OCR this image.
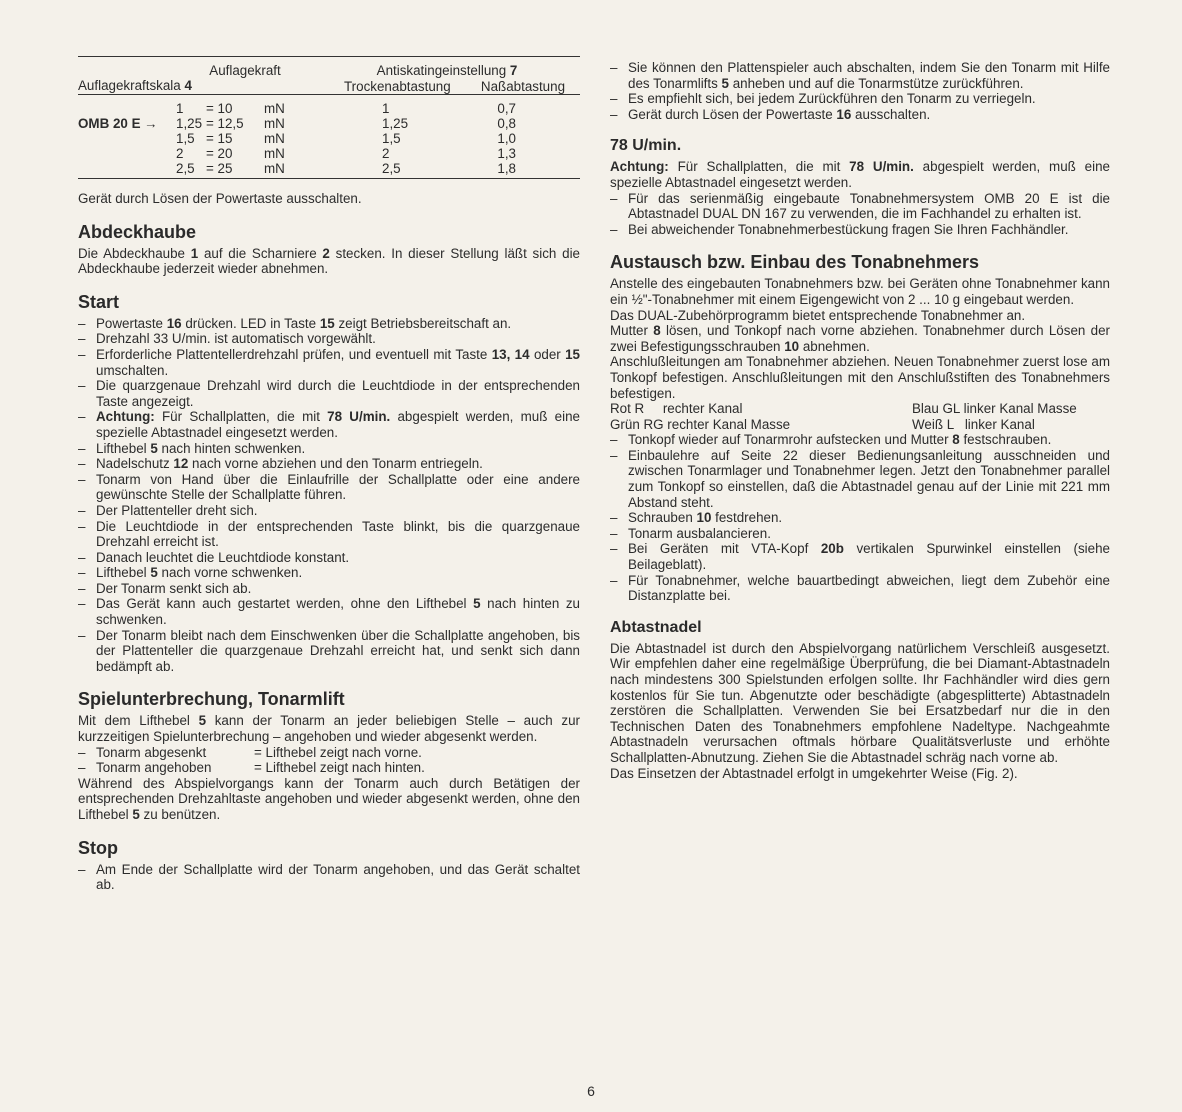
	Auflagekraft			Antiskatingeinstellung 7	
Auflagekraftskala 4				Trockenabtastung	Naßabtastung
	1	= 10	mN	1	0,7
OMB 20 E →	1,25	= 12,5	mN	1,25	0,8
	1,5	= 15	mN	1,5	1,0
	2	= 20	mN	2	1,3
	2,5	= 25	mN	2,5	1,8

Gerät durch Lösen der Powertaste ausschalten.

Abdeckhaube

Die Abdeckhaube 1 auf die Scharniere 2 stecken. In dieser Stellung läßt sich die Abdeckhaube jederzeit wieder abnehmen.

Start
– Powertaste 16 drücken. LED in Taste 15 zeigt Betriebsbereitschaft an.
– Drehzahl 33 U/min. ist automatisch vorgewählt.
– Erforderliche Plattentellerdrehzahl prüfen, und eventuell mit Taste 13, 14 oder 15 umschalten.
– Die quarzgenaue Drehzahl wird durch die Leuchtdiode in der entsprechenden Taste angezeigt.
– Achtung: Für Schallplatten, die mit 78 U/min. abgespielt werden, muß eine spezielle Abtastnadel eingesetzt werden.
– Lifthebel 5 nach hinten schwenken.
– Nadelschutz 12 nach vorne abziehen und den Tonarm entriegeln.
– Tonarm von Hand über die Einlaufrille der Schallplatte oder eine andere gewünschte Stelle der Schallplatte führen.
– Der Plattenteller dreht sich.
– Die Leuchtdiode in der entsprechenden Taste blinkt, bis die quarzgenaue Drehzahl erreicht ist.
– Danach leuchtet die Leuchtdiode konstant.
– Lifthebel 5 nach vorne schwenken.
– Der Tonarm senkt sich ab.
– Das Gerät kann auch gestartet werden, ohne den Lifthebel 5 nach hinten zu schwenken.
– Der Tonarm bleibt nach dem Einschwenken über die Schallplatte angehoben, bis der Plattenteller die quarzgenaue Drehzahl erreicht hat, und senkt sich dann bedämpft ab.
Spielunterbrechung, Tonarmlift

Mit dem Lifthebel 5 kann der Tonarm an jeder beliebigen Stelle – auch zur kurzzeitigen Spielunterbrechung – angehoben und wieder abgesenkt werden.

– Tonarm abgesenkt	= Lifthebel zeigt nach vorne.
– Tonarm angehoben	= Lifthebel zeigt nach hinten.

Während des Abspielvorgangs kann der Tonarm auch durch Betätigen der entsprechenden Drehzahltaste angehoben und wieder abgesenkt werden, ohne den Lifthebel 5 zu benützen.

Stop
– Am Ende der Schallplatte wird der Tonarm angehoben, und das Gerät schaltet ab.
– Sie können den Plattenspieler auch abschalten, indem Sie den Tonarm mit Hilfe des Tonarmlifts 5 anheben und auf die Tonarmstütze zurückführen.
– Es empfiehlt sich, bei jedem Zurückführen den Tonarm zu verriegeln.
– Gerät durch Lösen der Powertaste 16 ausschalten.
78 U/min.

Achtung: Für Schallplatten, die mit 78 U/min. abgespielt werden, muß eine spezielle Abtastnadel eingesetzt werden.

– Für das serienmäßig eingebaute Tonabnehmersystem OMB 20 E ist die Abtastnadel DUAL DN 167 zu verwenden, die im Fachhandel zu erhalten ist.
– Bei abweichender Tonabnehmerbestückung fragen Sie Ihren Fachhändler.
Austausch bzw. Einbau des Tonabnehmers

Anstelle des eingebauten Tonabnehmers bzw. bei Geräten ohne Tonabnehmer kann ein ½"-Tonabnehmer mit einem Eigengewicht von 2 ... 10 g eingebaut werden.

Das DUAL-Zubehörprogramm bietet entsprechende Tonabnehmer an.

Mutter 8 lösen, und Tonkopf nach vorne abziehen. Tonabnehmer durch Lösen der zwei Befestigungsschrauben 10 abnehmen.

Anschlußleitungen am Tonabnehmer abziehen. Neuen Tonabnehmer zuerst lose am Tonkopf befestigen. Anschlußleitungen mit den Anschlußstiften des Tonabnehmers befestigen.

Rot R     rechter Kanal	Blau GL linker Kanal Masse
Grün RG rechter Kanal Masse	Weiß L   linker Kanal
– Tonkopf wieder auf Tonarmrohr aufstecken und Mutter 8 festschrauben.
– Einbaulehre auf Seite 22 dieser Bedienungsanleitung ausschneiden und zwischen Tonarmlager und Tonabnehmer legen. Jetzt den Tonabnehmer parallel zum Tonkopf so einstellen, daß die Abtastnadel genau auf der Linie mit 221 mm Abstand steht.
– Schrauben 10 festdrehen.
– Tonarm ausbalancieren.
– Bei Geräten mit VTA-Kopf 20b vertikalen Spurwinkel einstellen (siehe Beilageblatt).
– Für Tonabnehmer, welche bauartbedingt abweichen, liegt dem Zubehör eine Distanzplatte bei.
Abtastnadel

Die Abtastnadel ist durch den Abspielvorgang natürlichem Verschleiß ausgesetzt. Wir empfehlen daher eine regelmäßige Überprüfung, die bei Diamant-Abtastnadeln nach mindestens 300 Spielstunden erfolgen sollte. Ihr Fachhändler wird dies gern kostenlos für Sie tun. Abgenutzte oder beschädigte (abgesplitterte) Abtastnadeln zerstören die Schallplatten. Verwenden Sie bei Ersatzbedarf nur die in den Technischen Daten des Tonabnehmers empfohlene Nadeltype. Nachgeahmte Abtastnadeln verursachen oftmals hörbare Qualitätsverluste und erhöhte Schallplatten-Abnutzung. Ziehen Sie die Abtastnadel schräg nach vorne ab.

Das Einsetzen der Abtastnadel erfolgt in umgekehrter Weise (Fig. 2).

6
